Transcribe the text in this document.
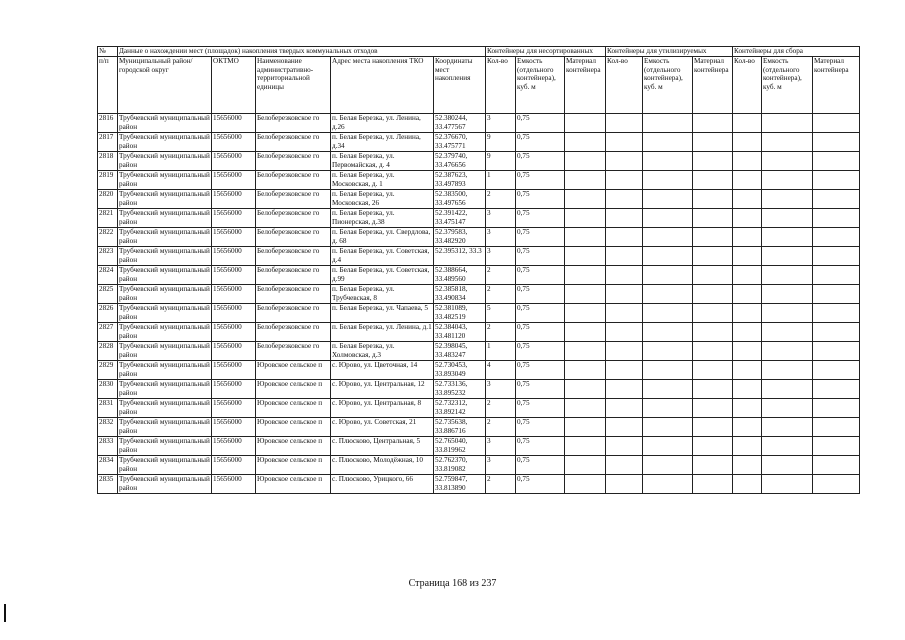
№	Данные о нахождении мест (площадок) накопления твердых коммунальных отходов					Контейнеры для несортированных			Контейнеры для утилизируемых			Контейнеры для сбора		
п/п	Муниципальный район/городской округ	ОКТМО	Наименование административно-территориальной единицы	Адрес места накопления ТКО	Координаты мест накопления	Кол-во	Емкость (отдельного контейнера), куб. м	Материал контейнера	Кол-во	Емкость (отдельного контейнера), куб. м	Материал контейнера	Кол-во	Емкость (отдельного контейнера), куб. м	Материал контейнера
2816	Трубчевский муниципальный район	15656000	Белоберезковское го	п. Белая Березка, ул. Ленина, д.26	52.380244, 33.477567	3	0,75							
2817	Трубчевский муниципальный район	15656000	Белоберезковское го	п. Белая Березка, ул. Ленина, д.34	52.376670, 33.475771	9	0,75							
2818	Трубчевский муниципальный район	15656000	Белоберезковское го	п. Белая Березка, ул. Первомайская, д. 4	52.379740, 33.476656	9	0,75							
2819	Трубчевский муниципальный район	15656000	Белоберезковское го	п. Белая Березка, ул. Московская, д. 1	52.387623, 33.497893	1	0,75							
2820	Трубчевский муниципальный район	15656000	Белоберезковское го	п. Белая Березка, ул. Московская, 26	52.383500, 33.497656	2	0,75							
2821	Трубчевский муниципальный район	15656000	Белоберезковское го	п. Белая Березка, ул. Пионерская, д.38	52.391422, 33.475147	3	0,75							
2822	Трубчевский муниципальный район	15656000	Белоберезковское го	п. Белая Березка, ул. Свердлова, д. 68	52.379583, 33.482920	3	0,75							
2823	Трубчевский муниципальный район	15656000	Белоберезковское го	п. Белая Березка, ул. Советская, д.4	52.395312, 33.3	3	0,75							
2824	Трубчевский муниципальный район	15656000	Белоберезковское го	п. Белая Березка, ул. Советская, д.99	52.388664, 33.489560	2	0,75							
2825	Трубчевский муниципальный район	15656000	Белоберезковское го	п. Белая Березка, ул. Трубчевская, 8	52.385818, 33.490834	2	0,75							
2826	Трубчевский муниципальный район	15656000	Белоберезковское го	п. Белая Березка, ул. Чапаева, 5	52.381089, 33.482519	5	0,75							
2827	Трубчевский муниципальный район	15656000	Белоберезковское го	п. Белая Березка, ул. Ленина, д.1	52.384043, 33.481120	2	0,75							
2828	Трубчевский муниципальный район	15656000	Белоберезковское го	п. Белая Березка, ул. Холмовская, д.3	52.398045, 33.483247	1	0,75							
2829	Трубчевский муниципальный район	15656000	Юровское сельское п	с. Юрово, ул. Цветочная, 14	52.730453, 33.893049	4	0,75							
2830	Трубчевский муниципальный район	15656000	Юровское сельское п	с. Юрово, ул. Центральная, 12	52.733136, 33.895232	3	0,75							
2831	Трубчевский муниципальный район	15656000	Юровское сельское п	с. Юрово, ул. Центральная, 8	52.732312, 33.892142	2	0,75							
2832	Трубчевский муниципальный район	15656000	Юровское сельское п	с. Юрово, ул. Советская, 21	52.735638, 33.886716	2	0,75							
2833	Трубчевский муниципальный район	15656000	Юровское сельское п	с. Плюсково, Центральная, 5	52.765040, 33.819962	3	0,75							
2834	Трубчевский муниципальный район	15656000	Юровское сельское п	с. Плюсково, Молодёжная, 10	52.762370, 33.819082	3	0,75							
2835	Трубчевский муниципальный район	15656000	Юровское сельское п	с. Плюсково, Урицкого, 66	52.759847, 33.813890	2	0,75							
Страница 168 из 237
